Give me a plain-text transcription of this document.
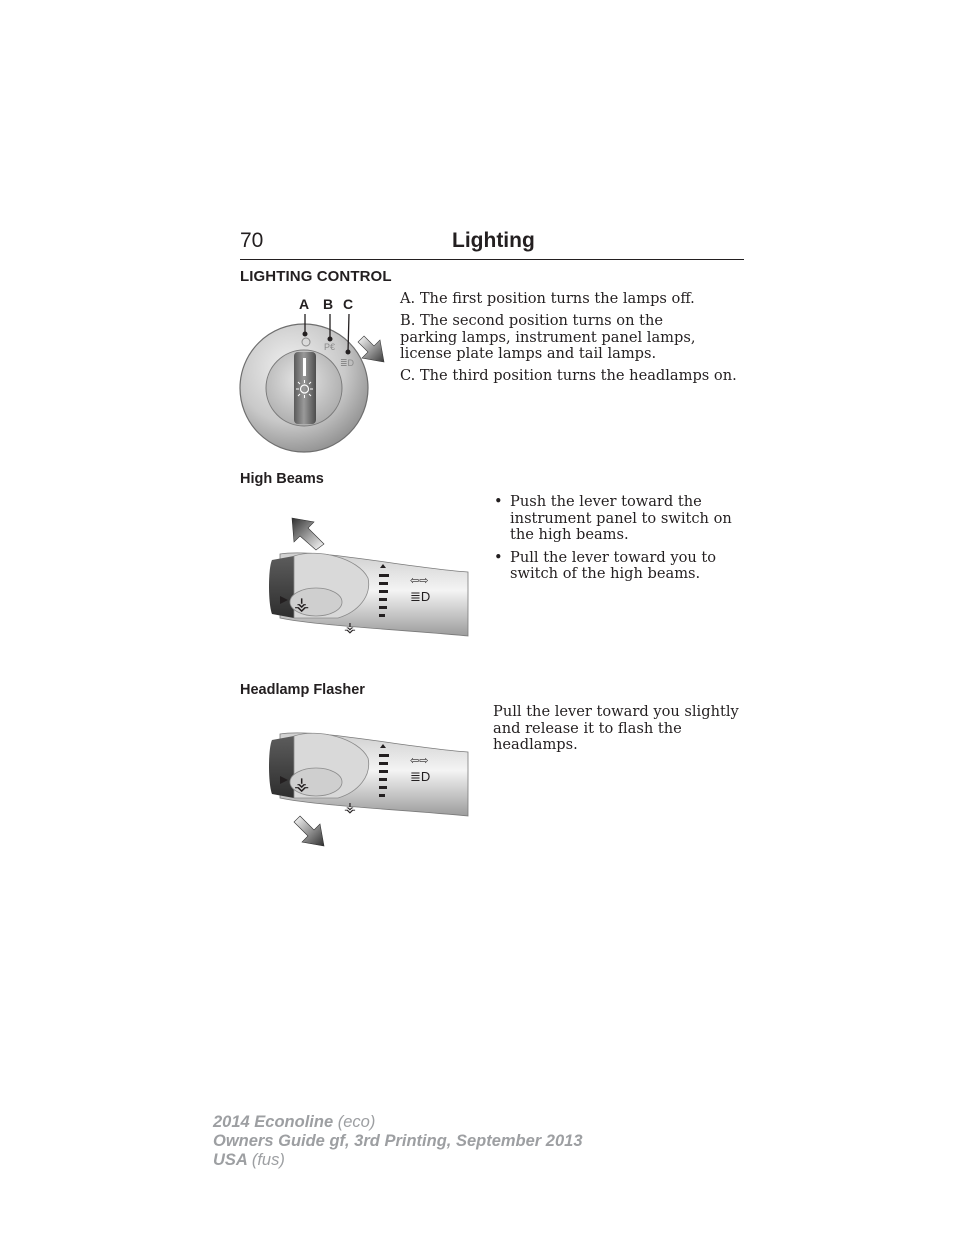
70	Lighting
LIGHTING CONTROL
P€
≣D
A B C	A. The first position turns the lamps off.
B. The second position turns on the parking lamps, instrument panel lamps, license plate lamps and tail lamps.
C. The third position turns the headlamps on.
High Beams
⚶
⚶
⇦⇨
≣D
• Push the lever toward the instrument panel to switch on the high beams.
• Pull the lever toward you to switch of the high beams.
Headlamp Flasher
⚶
⚶
⇦⇨
≣D
Pull the lever toward you slightly and release it to flash the headlamps.
2014 Econoline (eco)
Owners Guide gf, 3rd Printing, September 2013
USA (fus)
